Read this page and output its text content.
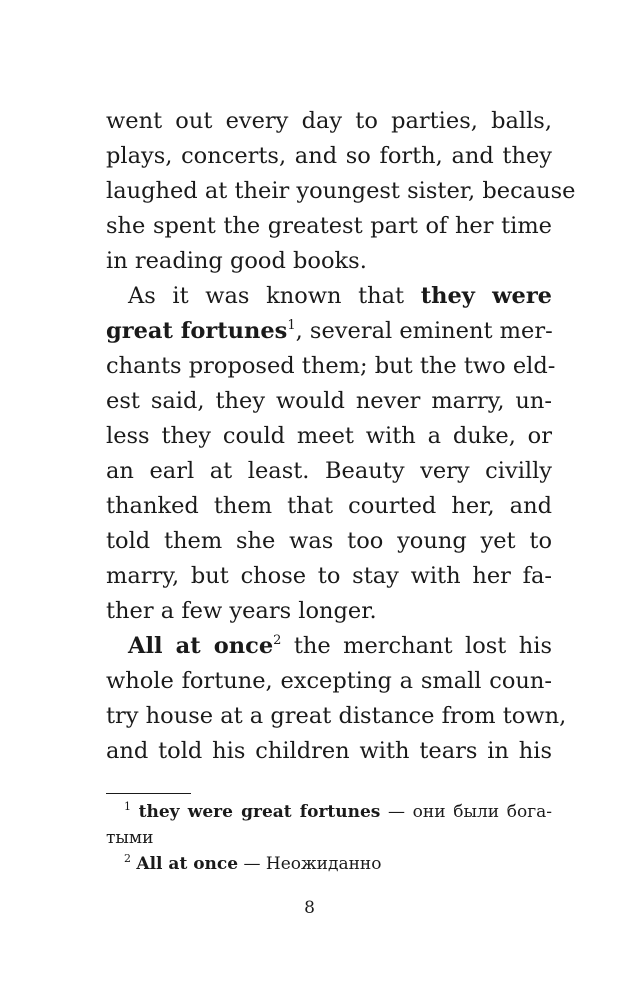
went out every day to parties, balls,
plays, concerts, and so forth, and they
laughed at their youngest sister, because
she spent the greatest part of her time
in reading good books.
As it was known that they were
great fortunes$^1$, several eminent mer-
chants proposed them; but the two eld-
est said, they would never marry, un-
less they could meet with a duke, or
an earl at least. Beauty very civilly
thanked them that courted her, and
told them she was too young yet to
marry, but chose to stay with her fa-
ther a few years longer.
All at once$^2$ the merchant lost his
whole fortune, excepting a small coun-
try house at a great distance from town,
and told his children with tears in his
$^1$ they were great fortunes — они были бога-
тыми
$^2$ All at once — Неожиданно
8
